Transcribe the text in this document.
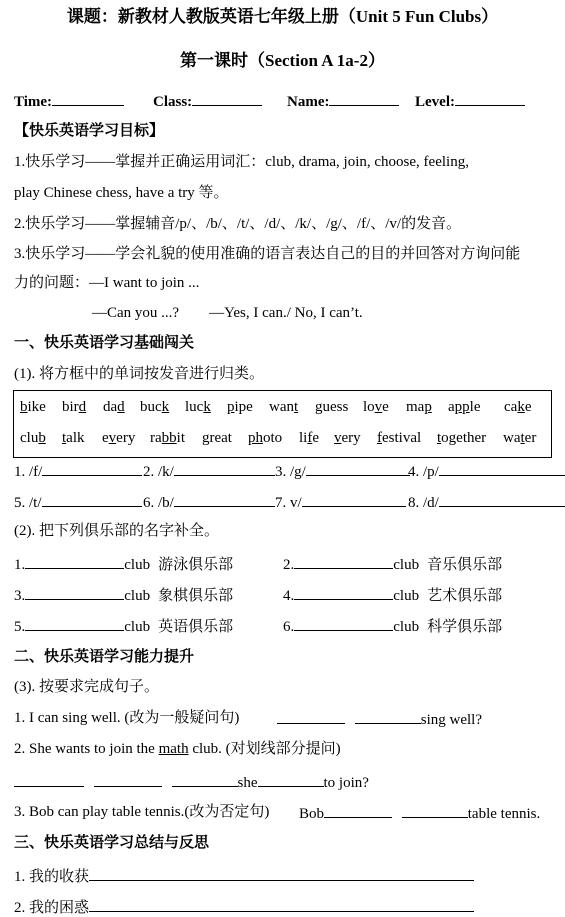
课题：新教材人教版英语七年级上册（Unit 5 Fun Clubs）
第一课时（Section A 1a-2）
Time:	Class:	Name:	Level:
【快乐英语学习目标】
1.快乐学习——掌握并正确运用词汇：club, drama, join, choose, feeling,
play Chinese chess, have a try 等。
2.快乐学习——掌握辅音/p/、/b/、/t/、/d/、/k/、/g/、/f/、/v/的发音。
3.快乐学习——学会礼貌的使用准确的语言表达自己的目的并回答对方询问能
力的问题：—I want to join ...
—Can you ...?        —Yes, I can./ No, I can’t.
一、快乐英语学习基础闯关
(1). 将方框中的单词按发音进行归类。
bike bird dad buck luck pipe want guess love map apple cake
club talk every rabbit great photo life very festival together water
(2). 把下列俱乐部的名字补全。
二、快乐英语学习能力提升
(3). 按要求完成句子。
1. I can sing well. (改为一般疑问句)	sing well?
2. She wants to join the math club. (对划线部分提问)
she	to join?
3. Bob can play table tennis.(改为否定句) Bob	table tennis.
三、快乐英语学习总结与反思
1. 我的收获
2. 我的困惑
1. /f/	2. /k/	3. /g/	4. /p/
5. /t/	6. /b/	7. v/	8. /d/
1.	club 游泳俱乐部	2.	club 音乐俱乐部
3.	club 象棋俱乐部	4.	club 艺术俱乐部
5.	club 英语俱乐部	6.	club 科学俱乐部
